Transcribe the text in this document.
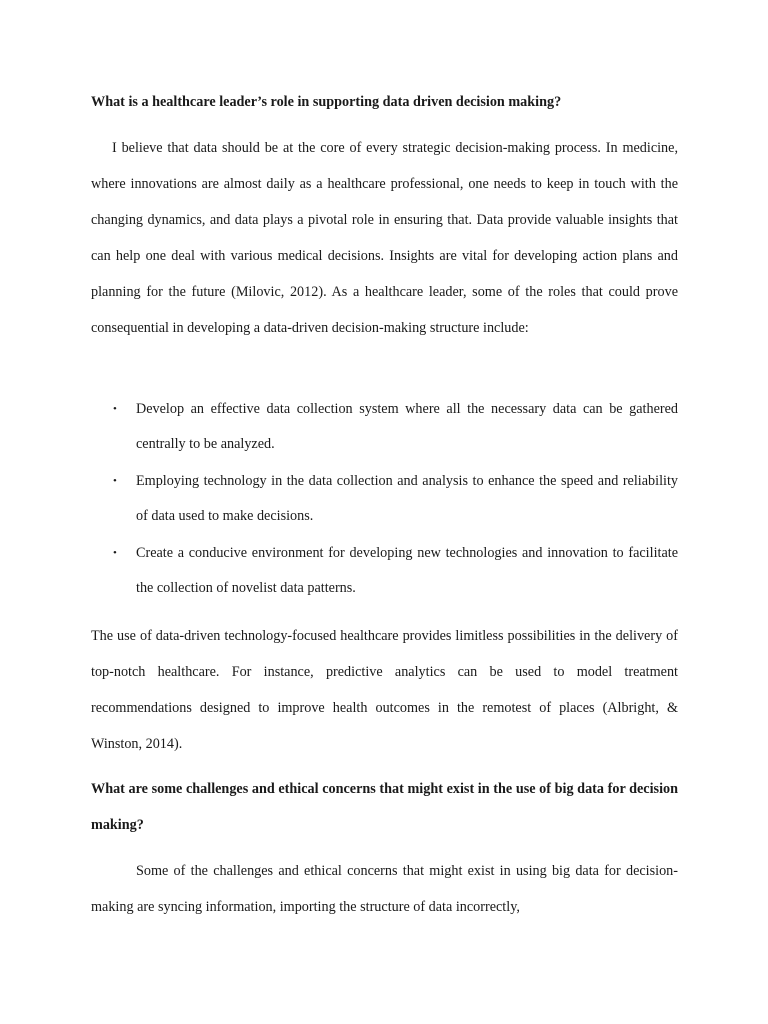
What is a healthcare leader’s role in supporting data driven decision making?

I believe that data should be at the core of every strategic decision-making process. In medicine, where innovations are almost daily as a healthcare professional, one needs to keep in touch with the changing dynamics, and data plays a pivotal role in ensuring that. Data provide valuable insights that can help one deal with various medical decisions. Insights are vital for developing action plans and planning for the future (Milovic, 2012). As a healthcare leader, some of the roles that could prove consequential in developing a data-driven decision-making structure include:

• Develop an effective data collection system where all the necessary data can be gathered centrally to be analyzed.
• Employing technology in the data collection and analysis to enhance the speed and reliability of data used to make decisions.
• Create a conducive environment for developing new technologies and innovation to facilitate the collection of novelist data patterns.

The use of data-driven technology-focused healthcare provides limitless possibilities in the delivery of top-notch healthcare. For instance, predictive analytics can be used to model treatment recommendations designed to improve health outcomes in the remotest of places (Albright, & Winston, 2014).

What are some challenges and ethical concerns that might exist in the use of big data for decision making?

Some of the challenges and ethical concerns that might exist in using big data for decision-making are syncing information, importing the structure of data incorrectly,
